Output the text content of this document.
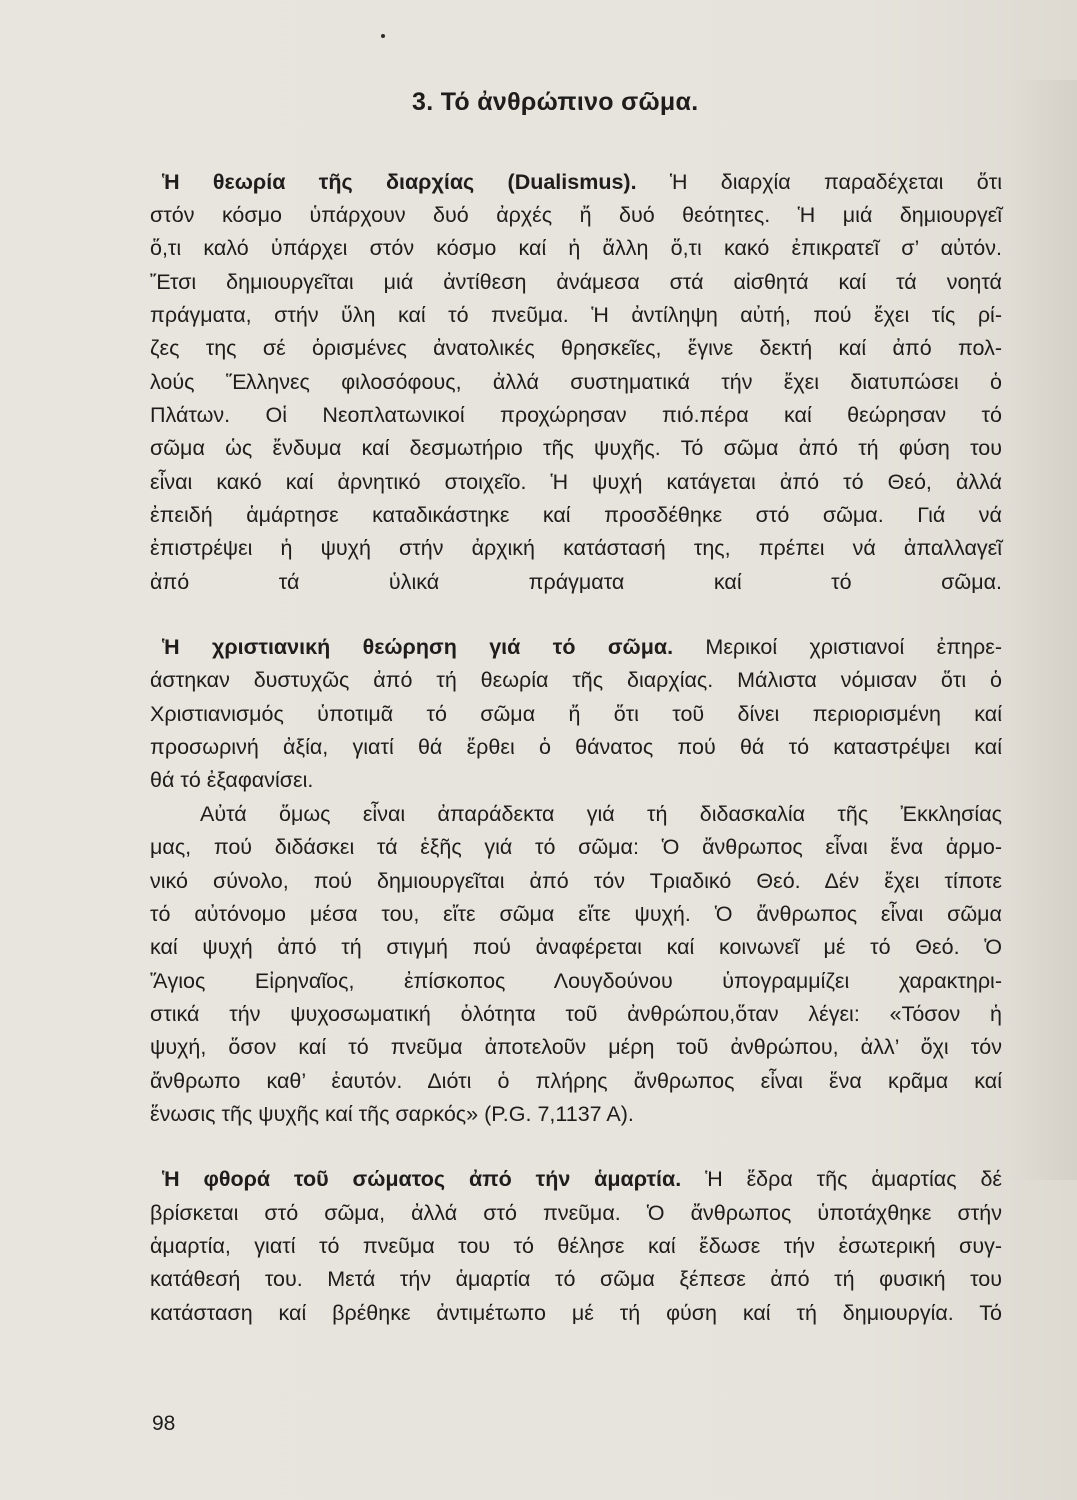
3. Τό ἀνθρώπινο σῶμα.
Ἡ θεωρία τῆς διαρχίας (Dualismus). Ἡ διαρχία παραδέχεται ὅτι
στόν κόσμο ὑπάρχουν δυό ἀρχές ἤ δυό θεότητες. Ἡ μιά δημιουργεῖ
ὅ,τι καλό ὑπάρχει στόν κόσμο καί ἡ ἄλλη ὅ,τι κακό ἐπικρατεῖ σ’ αὐτόν.
Ἔτσι δημιουργεῖται μιά ἀντίθεση ἀνάμεσα στά αἰσθητά καί τά νοητά
πράγματα, στήν ὕλη καί τό πνεῦμα. Ἡ ἀντίληψη αὐτή, πού ἔχει τίς ρί-
ζες της σέ ὁρισμένες ἀνατολικές θρησκεῖες, ἔγινε δεκτή καί ἀπό πολ-
λούς Ἕλληνες φιλοσόφους, ἀλλά συστηματικά τήν ἔχει διατυπώσει ὁ
Πλάτων. Οἱ Νεοπλατωνικοί προχώρησαν πιό.πέρα καί θεώρησαν τό
σῶμα ὡς ἔνδυμα καί δεσμωτήριο τῆς ψυχῆς. Τό σῶμα ἀπό τή φύση του
εἶναι κακό καί ἀρνητικό στοιχεῖο. Ἡ ψυχή κατάγεται ἀπό τό Θεό, ἀλλά
ἐπειδή ἁμάρτησε καταδικάστηκε καί προσδέθηκε στό σῶμα. Γιά νά
ἐπιστρέψει ἡ ψυχή στήν ἀρχική κατάστασή της, πρέπει νά ἀπαλλαγεῖ
ἀπό τά ὑλικά πράγματα καί τό σῶμα.
Ἡ χριστιανική θεώρηση γιά τό σῶμα. Μερικοί χριστιανοί ἐπηρε-
άστηκαν δυστυχῶς ἀπό τή θεωρία τῆς διαρχίας. Μάλιστα νόμισαν ὅτι ὁ
Χριστιανισμός ὑποτιμᾶ τό σῶμα ἤ ὅτι τοῦ δίνει περιορισμένη καί
προσωρινή ἀξία, γιατί θά ἔρθει ὁ θάνατος πού θά τό καταστρέψει καί
θά τό ἐξαφανίσει.
Αὐτά ὅμως εἶναι ἀπαράδεκτα γιά τή διδασκαλία τῆς Ἐκκλησίας
μας, πού διδάσκει τά ἑξῆς γιά τό σῶμα: Ὁ ἄνθρωπος εἶναι ἕνα ἁρμο-
νικό σύνολο, πού δημιουργεῖται ἀπό τόν Τριαδικό Θεό. Δέν ἔχει τίποτε
τό αὐτόνομο μέσα του, εἴτε σῶμα εἴτε ψυχή. Ὁ ἄνθρωπος εἶναι σῶμα
καί ψυχή ἀπό τή στιγμή πού ἀναφέρεται καί κοινωνεῖ μέ τό Θεό. Ὁ
Ἅγιος Εἰρηναῖος, ἐπίσκοπος Λουγδούνου ὑπογραμμίζει χαρακτηρι-
στικά τήν ψυχοσωματική ὁλότητα τοῦ ἀνθρώπου,ὅταν λέγει: «Τόσον ἡ
ψυχή, ὅσον καί τό πνεῦμα ἀποτελοῦν μέρη τοῦ ἀνθρώπου, ἀλλ’ ὄχι τόν
ἄνθρωπο καθ’ ἑαυτόν. Διότι ὁ πλήρης ἄνθρωπος εἶναι ἕνα κρᾶμα καί
ἕνωσις τῆς ψυχῆς καί τῆς σαρκός» (P.G. 7,1137 A).
Ἡ φθορά τοῦ σώματος ἀπό τήν ἁμαρτία. Ἡ ἕδρα τῆς ἁμαρτίας δέ
βρίσκεται στό σῶμα, ἀλλά στό πνεῦμα. Ὁ ἄνθρωπος ὑποτάχθηκε στήν
ἁμαρτία, γιατί τό πνεῦμα του τό θέλησε καί ἔδωσε τήν ἐσωτερική συγ-
κατάθεσή του. Μετά τήν ἁμαρτία τό σῶμα ξέπεσε ἀπό τή φυσική του
κατάσταση καί βρέθηκε ἀντιμέτωπο μέ τή φύση καί τή δημιουργία. Τό
98
